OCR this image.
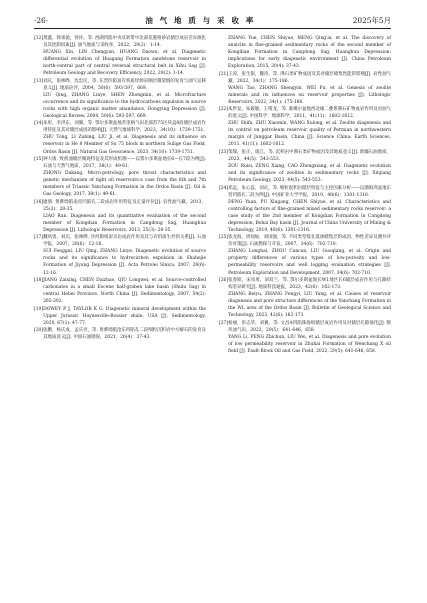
·26·	油 气 地 质 与 采 收 率	2025年5月
[12] 龚鑫，韩承驰，曾祥，等. 西湖凹陷中央反转带中北部花港组砂岩储层成岩差异演化及其控制因素[J]. 油气地质与采收率，2022，29(2)：1-14.
HUANG Xin, LIN Chengyan, HUANG Daowu, et al. Diagenetic differential evolution of Huagang Formation sandstone reservoir in north-central part of central reversal structural belt in Xihu Sag [J]. Petroleum Geology and Recovery Efficiency, 2022, 29(2): 1-14.
[13] 刘庆，张林晔，沈忠民，等. 东营凹陷富有机质烃源岩顺层微裂缝的发育与油气运移意义[J]. 地质论评，2004，50(6)：593-597，669.
LIU Qing, ZHANG Linye, SHEN Zhongmin, et al. Microfracture occurrence and its significance to the hydrocarbons expulsion in source rocks with high organic matter abundance, Dongying Depression [J]. Geological Review, 2004, 50(6): 593-597, 669.
[14] 朱彤，李洪东，刘翼，等. 鄂尔多斯盆地苏里格气田北部苏75区块盒8段储层成岩作用特征及其对储层成因的影响[J]. 天然气地球科学，2023，34(10)：1739-1751.
ZHU Tong, LI Zubing, LIU Ji, et al. Diagenesis and its influence on reservoir in He 8 Member of Su 75 block in northern Sulige Gas Field, Ordos Basin [J]. Natural Gas Geoscience, 2023, 34(10): 1739-1751.
[15] 钟大康. 致密油储层微观特征及其形成机理——以鄂尔多斯盆地长6—长7段为例[J]. 石油与天然气地质，2017，38(1)：49-61.
ZHONG Dakang. Micro-petrology, pore throat characteristics and genetic mechanism of tight oil reservoirs-a case from the 6th and 7th members of Triassic Yanchang Formation in the Ordos Basin [J]. Oil & Gas Geology, 2017, 38(1): 49-61.
[16] 廖朋. 黄骅坳陷南皮凹陷孔二段成岩作用特征及定量评价[J]. 岩性油气藏，2013，25(3)：28-35.
LIAO Ran. Diagenesis and its quantitative evaluation of the second member of Kongdian Formation in Cangdong Sag, Huanghua Depression [J]. Lithologic Reservoirs, 2013, 25(3): 28-35.
[17] 魏风勇，刘庆，张林晔. 沙河街组泥页岩成岩作用及其与有机质生烃的关系[J]. 石油学报，2007，28(6)：12-16.
SUI Fenggui, LIU Qing, ZHANG Linye. Diagenetic evolution of source rocks and its significance to hydrocarbon expulsion in Shahejie Formation of Jiyang Depression [J]. Acta Petrolei Sinica, 2007, 28(6): 12-16.
[18] JIANG Zaixing, CHEN Daizhao, QIU Longwei, et al. Source-controlled carbonates in a small Eocene half-graben lake basin (Shulu Sag) in central Hebei Province, North China [J]. Sedimentology, 2007, 54(2): 265-292.
[19] DOWEY P J, TAYLOR K G. Diagenetic mineral development within the Upper Jurassic Haynesville-Bossier shale, USA [J]. Sedimentology, 2020, 67(1): 47-77.
[20] 张鹏，杨庆成，孟庆亮，等. 黄骅坳陷沧东凹陷孔二段细粒沉积岩中方解石的发育及其地质意义[J]. 中国石油勘探，2021，26(4)：37-43.
ZHANG Yue, CHEN Shiyue, MENG Qing'ai, et al. The discovery of analcite in fine-grained sedimentary rocks of the second member of Kongdian Formation in Cangdong Sag, Huanghua Depression: implications for early diagenetic environment [J]. China Petroleum Exploration, 2015, 20(4): 37-43.
[21] 王涛，张生银，魏涛，等. 沸石类矿物成因及其对储层储集性能的影响[J]. 岩性油气藏，2022，34(1)：175-186.
WANG Tao, ZHANG Shengyin, WEI Pu, et al. Genesis of zeolite minerals and its influences on reservoir properties [J]. Lithologic Reservoirs, 2022, 34(1): 175-186.
[22] 朱世发，朱筱敏，王绪龙，等. 准噶尔盆地西北缘二叠系沸石矿物成岩作用及对油气的意义[J]. 中国科学：地球科学，2011，41(11)：1602-1612.
ZHU Shifa, ZHU Xiaomin, WANG Xulong, et al. Zeolite diagenesis and its control on petroleum reservoir quality of Permian in northwestern margin of Junggar Basin, China [J]. Science China: Earth Sciences, 2011, 41(11): 1602-1612.
[23] 邹瑞，张正，康江，等. 沉积岩中沸石类矿物成因及其地质意义[J]. 新疆石油地质，2023，44(5)：543-553.
ZOU Ruisi, ZENG Xiang, CAO Zhongxiang, et al. Diagenetic evolution and its significance of zeolites in sedimentary rocks [J]. Xinjiang Petroleum Geology, 2023, 44(5): 543-553.
[24] 邓远，朱心蕊，刘庆，等. 细粒混积岩储层特征与主控因素分析——以渤海湾盆地东营凹陷孔二段为例[J]. 中国矿业大学学报，2019，48(6)：1301-1316.
DENG Yuan, PU Xiugang, CHEN Shiyue, et al. Characteristics and controlling factors of fine-grained mixed sedimentary rocks reservoir: a case study of the 2nd member of Kongdian Formation in Cangdong depression, Bohai Bay basin [J]. Journal of China University of Mining & Technology, 2019, 48(6): 1301-1316.
[25] 张龙海，周灿灿，刘国强，等. 不同类型低孔低渗储集层的成因、物性差异及测井评价对策[J]. 石油勘探与开发，2007，34(6)：702-710.
ZHANG Longhai, ZHOU Cancan, LIU Guoqiang, et al. Origin and property differences of various types of low-porosity and low-permeability reservoirs and well logging evaluation strategies [J]. Petroleum Exploration and Development, 2007, 34(6): 702-710.
[26] 张春阳，宋凤勇，刘双兰，等. 鄂尔多斯盆地长W1地区长6储层成岩作用与孔隙结构差异研究[J]. 地质科技通报，2023，42(6)：162-173.
ZHANG Beiyu, ZHANG Fengyi, LIU Yang, et al. Causes of reservoir diagenesis and pore structure differences of the Yanchang Formation in the WL area of the Ordos Basin [J]. Bulletin of Geological Science and Technology, 2023, 42(6): 162-173.
[27] 杨丽，彭志华，刘翼，等. 文昌A凹陷珠海组储层成岩作用及对储层孔隙演化[J]. 断块油气田，2022，29(5)：641-646，658.
YANG Li, PENG Zhichun, LIU Wei, et al. Diagenesis and pore evolution of low permeability reservoir in Zhuhai Formation of Wenchang X oil field [J]. Fault-Block Oil and Gas Field, 2022, 29(5): 641-646, 658.
